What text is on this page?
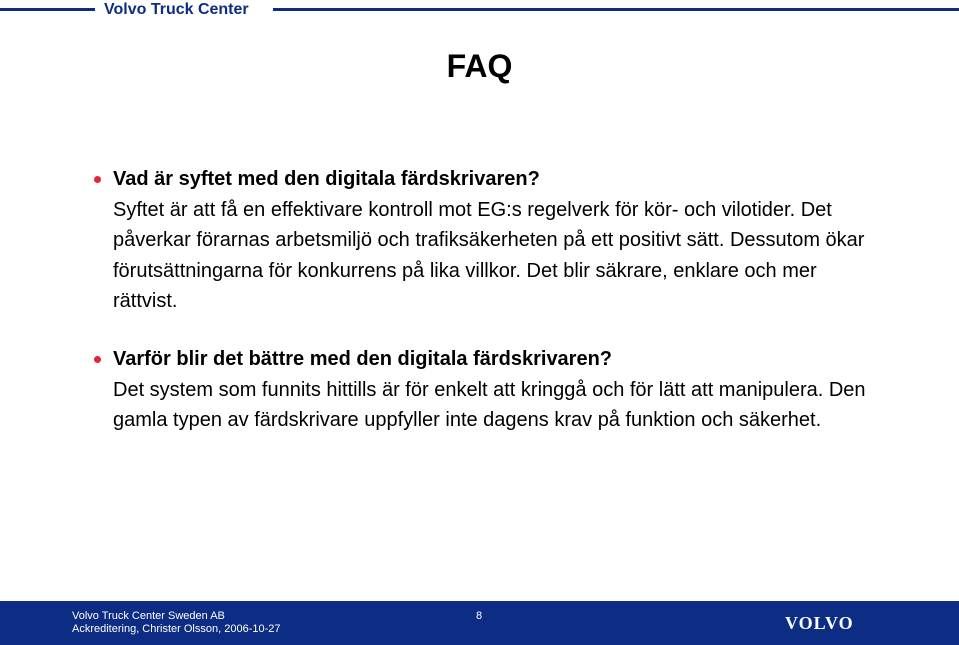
Volvo Truck Center
FAQ
Vad är syftet med den digitala färdskrivaren?
Syftet är att få en effektivare kontroll mot EG:s regelverk för kör- och vilotider. Det påverkar förarnas arbetsmiljö och trafiksäkerheten på ett positivt sätt. Dessutom ökar förutsättningarna för konkurrens på lika villkor. Det blir säkrare, enklare och mer rättvist.
Varför blir det bättre med den digitala färdskrivaren?
Det system som funnits hittills är för enkelt att kringgå och för lätt att manipulera. Den gamla typen av färdskrivare uppfyller inte dagens krav på funktion och säkerhet.
Volvo Truck Center Sweden AB
Ackreditering, Christer Olsson, 2006-10-27
8	VOLVO
